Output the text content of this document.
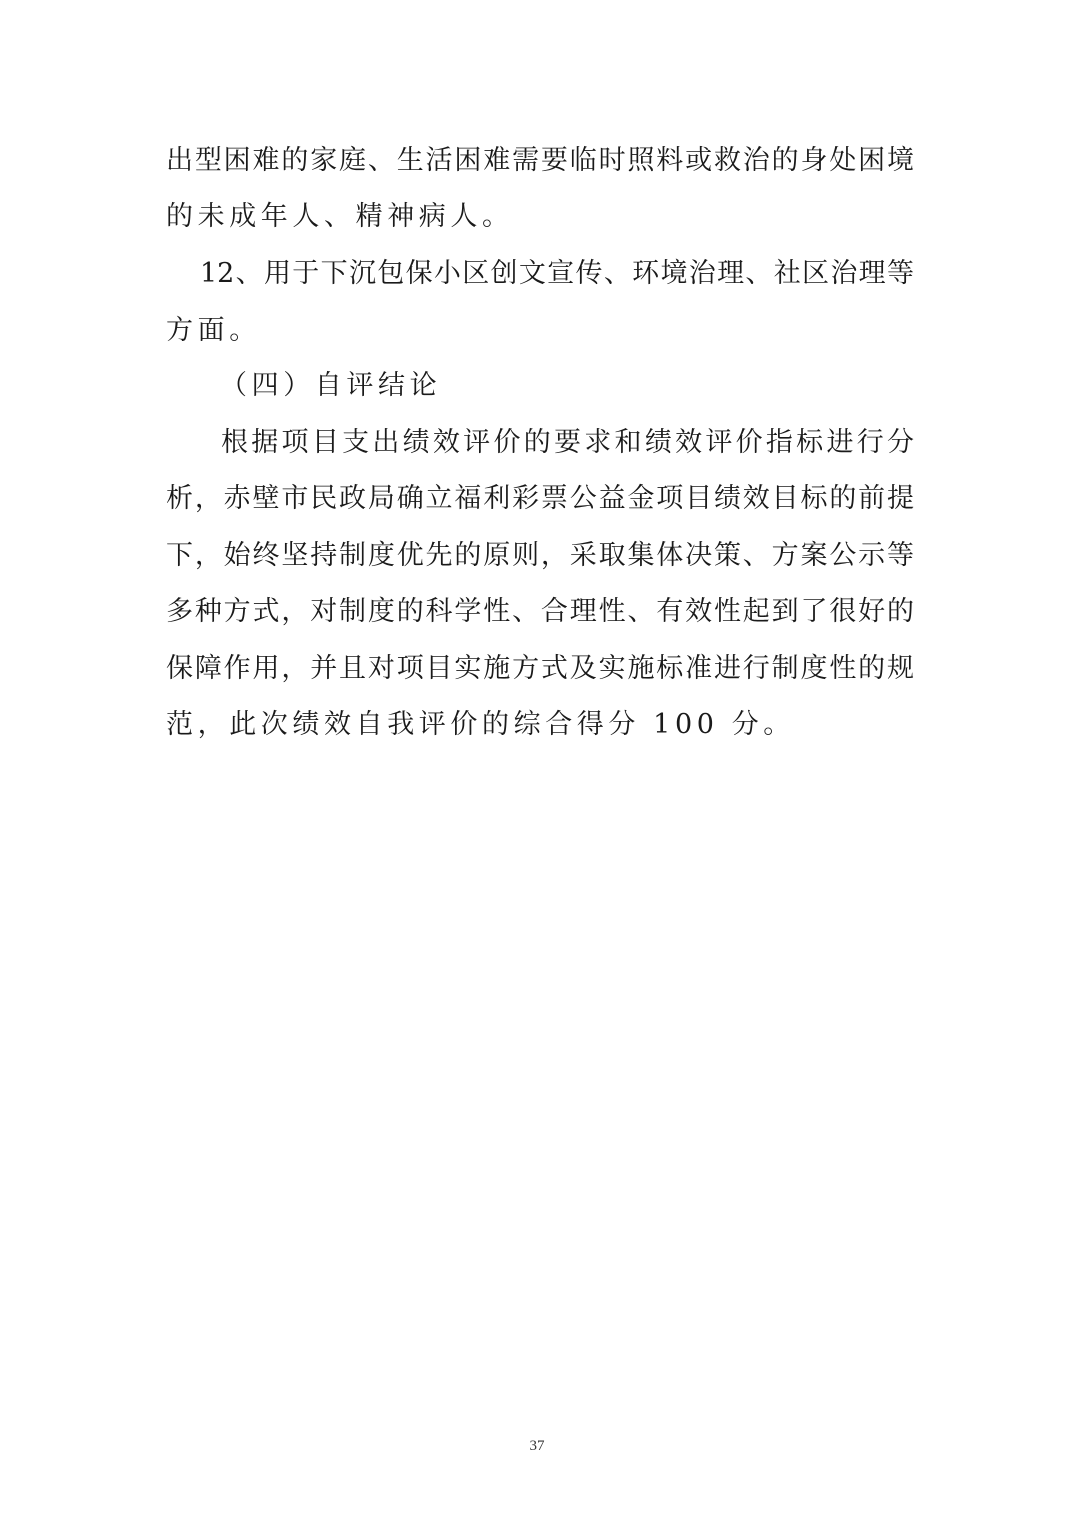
出型困难的家庭、生活困难需要临时照料或救治的身处困境
的未成年人、精神病人。
12、用于下沉包保小区创文宣传、环境治理、社区治理等
方面。
（四）自评结论
根据项目支出绩效评价的要求和绩效评价指标进行分
析，赤壁市民政局确立福利彩票公益金项目绩效目标的前提
下，始终坚持制度优先的原则，采取集体决策、方案公示等
多种方式，对制度的科学性、合理性、有效性起到了很好的
保障作用，并且对项目实施方式及实施标准进行制度性的规
范，此次绩效自我评价的综合得分 100 分。
37
